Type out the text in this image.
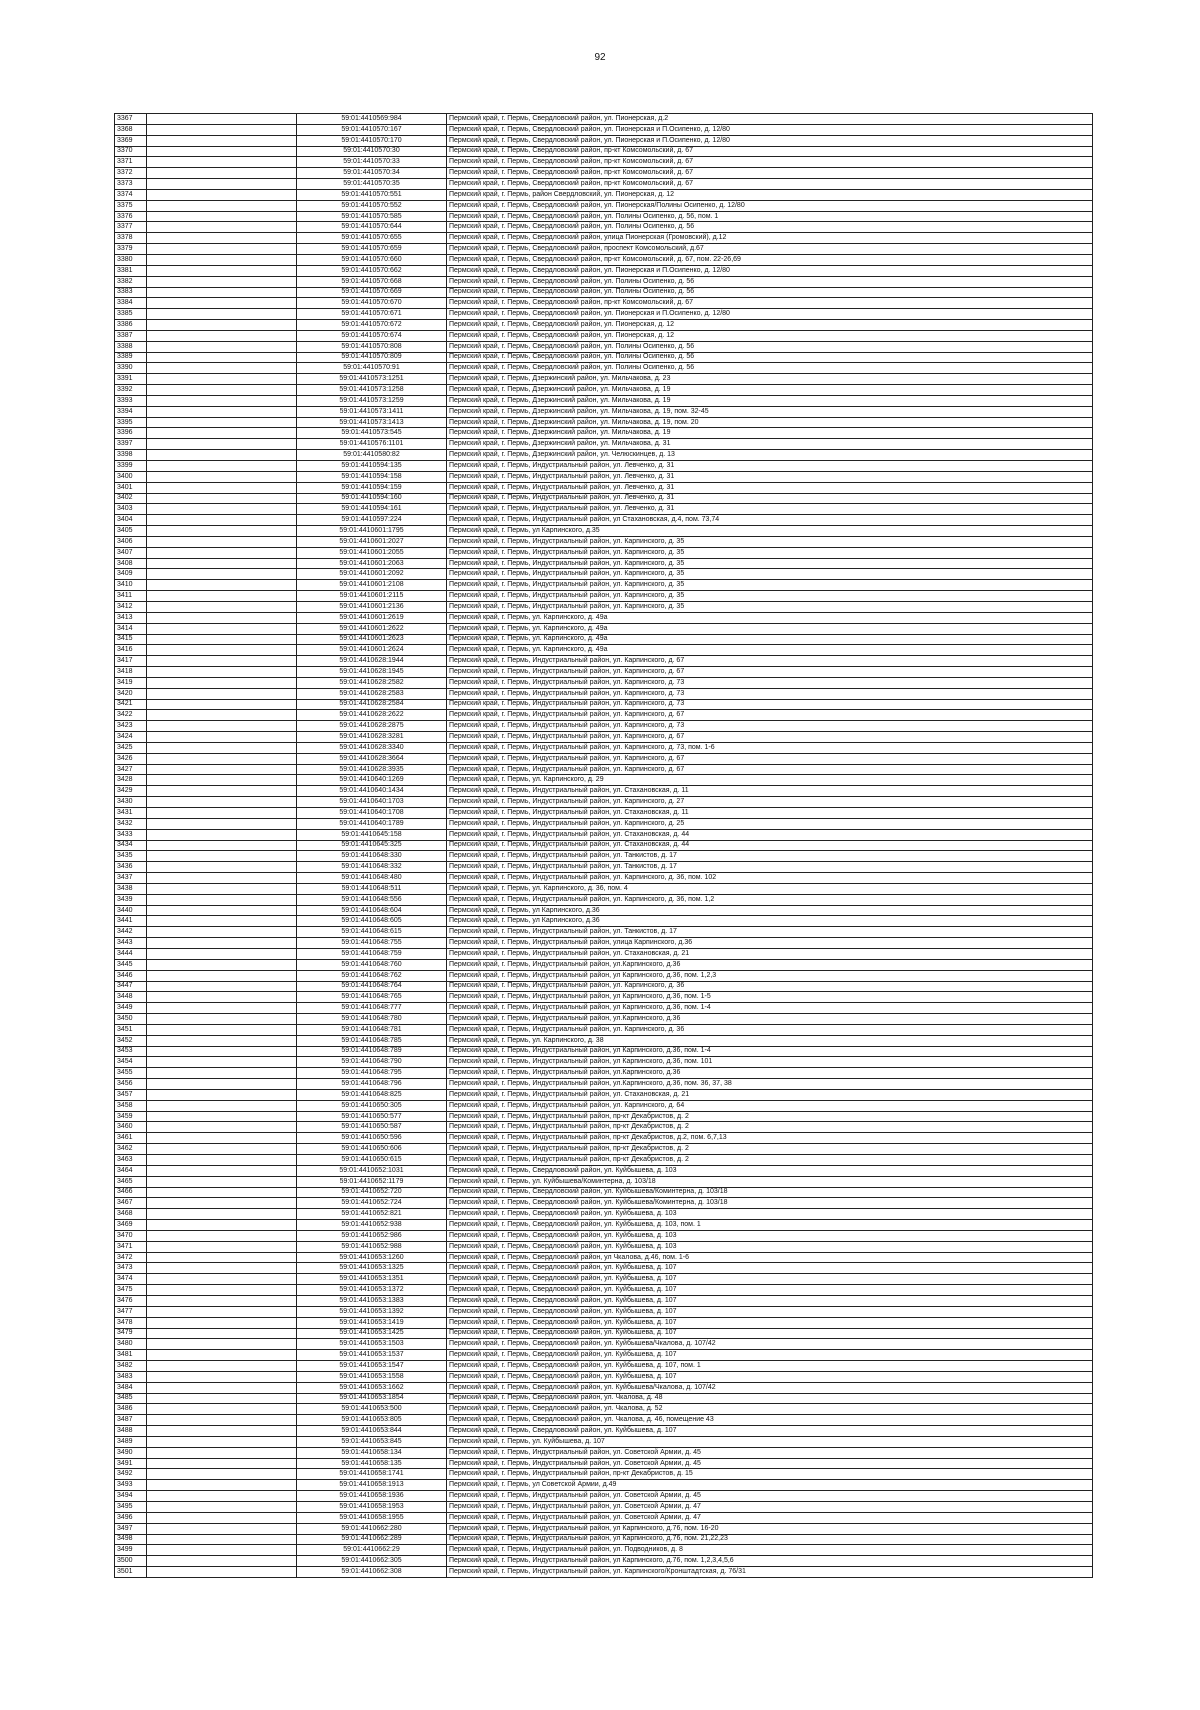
92
3367		59:01:4410569:984	Пермский край, г. Пермь, Свердловский район, ул. Пионерская, д.2
3368		59:01:4410570:167	Пермский край, г. Пермь, Свердловский район, ул. Пионерская и П.Осипенко, д. 12/80
3369		59:01:4410570:170	Пермский край, г. Пермь, Свердловский район, ул. Пионерская и П.Осипенко, д. 12/80
3370		59:01:4410570:30	Пермский край, г. Пермь, Свердловский район, пр-кт Комсомольский, д. 67
3371		59:01:4410570:33	Пермский край, г. Пермь, Свердловский район, пр-кт Комсомольский, д. 67
3372		59:01:4410570:34	Пермский край, г. Пермь, Свердловский район, пр-кт Комсомольский, д. 67
3373		59:01:4410570:35	Пермский край, г. Пермь, Свердловский район, пр-кт Комсомольский, д. 67
3374		59:01:4410570:551	Пермский край, г. Пермь, район Свердловский, ул. Пионерская, д. 12
3375		59:01:4410570:552	Пермский край, г. Пермь, Свердловский район, ул. Пионерская/Полины Осипенко, д. 12/80
3376		59:01:4410570:585	Пермский край, г. Пермь, Свердловский район, ул. Полины Осипенко, д. 56, пом. 1
3377		59:01:4410570:644	Пермский край, г. Пермь, Свердловский район, ул. Полины Осипенко, д. 56
3378		59:01:4410570:655	Пермский край, г. Пермь, Свердловский район, улица Пионерская (Громовский), д.12
3379		59:01:4410570:659	Пермский край, г. Пермь, Свердловский район, проспект Комсомольский, д.67
3380		59:01:4410570:660	Пермский край, г. Пермь, Свердловский район, пр-кт Комсомольский, д. 67, пом. 22-26,69
3381		59:01:4410570:662	Пермский край, г. Пермь, Свердловский район, ул. Пионерская и П.Осипенко, д. 12/80
3382		59:01:4410570:668	Пермский край, г. Пермь, Свердловский район, ул. Полины Осипенко, д. 56
3383		59:01:4410570:669	Пермский край, г. Пермь, Свердловский район, ул. Полины Осипенко, д. 56
3384		59:01:4410570:670	Пермский край, г. Пермь, Свердловский район, пр-кт Комсомольский, д. 67
3385		59:01:4410570:671	Пермский край, г. Пермь, Свердловский район, ул. Пионерская и П.Осипенко, д. 12/80
3386		59:01:4410570:672	Пермский край, г. Пермь, Свердловский район, ул. Пионерская, д. 12
3387		59:01:4410570:674	Пермский край, г. Пермь, Свердловский район, ул. Пионерская, д. 12
3388		59:01:4410570:808	Пермский край, г. Пермь, Свердловский район, ул. Полины Осипенко, д. 56
3389		59:01:4410570:809	Пермский край, г. Пермь, Свердловский район, ул. Полины Осипенко, д. 56
3390		59:01:4410570:91	Пермский край, г. Пермь, Свердловский район, ул. Полины Осипенко, д. 56
3391		59:01:4410573:1251	Пермский край, г. Пермь, Дзержинский район, ул. Мильчакова, д. 23
3392		59:01:4410573:1258	Пермский край, г. Пермь, Дзержинский район, ул. Мильчакова, д. 19
3393		59:01:4410573:1259	Пермский край, г. Пермь, Дзержинский район, ул. Мильчакова, д. 19
3394		59:01:4410573:1411	Пермский край, г. Пермь, Дзержинский район, ул. Мильчакова, д. 19, пом. 32-45
3395		59:01:4410573:1413	Пермский край, г. Пермь, Дзержинский район, ул. Мильчакова, д. 19, пом. 20
3396		59:01:4410573:545	Пермский край, г. Пермь, Дзержинский район, ул. Мильчакова, д. 19
3397		59:01:4410576:1101	Пермский край, г. Пермь, Дзержинский район, ул. Мильчакова, д. 31
3398		59:01:4410580:82	Пермский край, г. Пермь, Дзержинский район, ул. Челюскинцев, д. 13
3399		59:01:4410594:135	Пермский край, г. Пермь, Индустриальный район, ул. Левченко, д. 31
3400		59:01:4410594:158	Пермский край, г. Пермь, Индустриальный район, ул. Левченко, д. 31
3401		59:01:4410594:159	Пермский край, г. Пермь, Индустриальный район, ул. Левченко, д. 31
3402		59:01:4410594:160	Пермский край, г. Пермь, Индустриальный район, ул. Левченко, д. 31
3403		59:01:4410594:161	Пермский край, г. Пермь, Индустриальный район, ул. Левченко, д. 31
3404		59:01:4410597:224	Пермский край, г. Пермь, Индустриальный район, ул Стахановская, д.4, пом. 73,74
3405		59:01:4410601:1795	Пермский край, г. Пермь, ул Карпинского, д.35
3406		59:01:4410601:2027	Пермский край, г. Пермь, Индустриальный район, ул. Карпинского, д. 35
3407		59:01:4410601:2055	Пермский край, г. Пермь, Индустриальный район, ул. Карпинского, д. 35
3408		59:01:4410601:2063	Пермский край, г. Пермь, Индустриальный район, ул. Карпинского, д. 35
3409		59:01:4410601:2092	Пермский край, г. Пермь, Индустриальный район, ул. Карпинского, д. 35
3410		59:01:4410601:2108	Пермский край, г. Пермь, Индустриальный район, ул. Карпинского, д. 35
3411		59:01:4410601:2115	Пермский край, г. Пермь, Индустриальный район, ул. Карпинского, д. 35
3412		59:01:4410601:2136	Пермский край, г. Пермь, Индустриальный район, ул. Карпинского, д. 35
3413		59:01:4410601:2619	Пермский край, г. Пермь, ул. Карпинского, д. 49а
3414		59:01:4410601:2622	Пермский край, г. Пермь, ул. Карпинского, д. 49а
3415		59:01:4410601:2623	Пермский край, г. Пермь, ул. Карпинского, д. 49а
3416		59:01:4410601:2624	Пермский край, г. Пермь, ул. Карпинского, д. 49а
3417		59:01:4410628:1944	Пермский край, г. Пермь, Индустриальный район, ул. Карпинского, д. 67
3418		59:01:4410628:1945	Пермский край, г. Пермь, Индустриальный район, ул. Карпинского, д. 67
3419		59:01:4410628:2582	Пермский край, г. Пермь, Индустриальный район, ул. Карпинского, д. 73
3420		59:01:4410628:2583	Пермский край, г. Пермь, Индустриальный район, ул. Карпинского, д. 73
3421		59:01:4410628:2584	Пермский край, г. Пермь, Индустриальный район, ул. Карпинского, д. 73
3422		59:01:4410628:2622	Пермский край, г. Пермь, Индустриальный район, ул. Карпинского, д. 67
3423		59:01:4410628:2875	Пермский край, г. Пермь, Индустриальный район, ул. Карпинского, д. 73
3424		59:01:4410628:3281	Пермский край, г. Пермь, Индустриальный район, ул. Карпинского, д. 67
3425		59:01:4410628:3340	Пермский край, г. Пермь, Индустриальный район, ул. Карпинского, д. 73, пом. 1-6
3426		59:01:4410628:3664	Пермский край, г. Пермь, Индустриальный район, ул. Карпинского, д. 67
3427		59:01:4410628:3935	Пермский край, г. Пермь, Индустриальный район, ул. Карпинского, д. 67
3428		59:01:4410640:1269	Пермский край, г. Пермь, ул. Карпинского, д. 29
3429		59:01:4410640:1434	Пермский край, г. Пермь, Индустриальный район, ул. Стахановская, д. 11
3430		59:01:4410640:1703	Пермский край, г. Пермь, Индустриальный район, ул. Карпинского, д. 27
3431		59:01:4410640:1708	Пермский край, г. Пермь, Индустриальный район, ул. Стахановская, д. 11
3432		59:01:4410640:1789	Пермский край, г. Пермь, Индустриальный район, ул. Карпинского, д. 25
3433		59:01:4410645:158	Пермский край, г. Пермь, Индустриальный район, ул. Стахановская, д. 44
3434		59:01:4410645:325	Пермский край, г. Пермь, Индустриальный район, ул. Стахановская, д. 44
3435		59:01:4410648:330	Пермский край, г. Пермь, Индустриальный район, ул. Танкистов, д. 17
3436		59:01:4410648:332	Пермский край, г. Пермь, Индустриальный район, ул. Танкистов, д. 17
3437		59:01:4410648:480	Пермский край, г. Пермь, Индустриальный район, ул. Карпинского, д. 36, пом. 102
3438		59:01:4410648:511	Пермский край, г. Пермь, ул. Карпинского, д. 36, пом. 4
3439		59:01:4410648:556	Пермский край, г. Пермь, Индустриальный район, ул. Карпинского, д. 36, пом. 1,2
3440		59:01:4410648:604	Пермский край, г. Пермь, ул Карпинского, д.36
3441		59:01:4410648:605	Пермский край, г. Пермь, ул Карпинского, д.36
3442		59:01:4410648:615	Пермский край, г. Пермь, Индустриальный район, ул. Танкистов, д. 17
3443		59:01:4410648:755	Пермский край, г. Пермь, Индустриальный район, улица Карпинского, д.36
3444		59:01:4410648:759	Пермский край, г. Пермь, Индустриальный район, ул. Стахановская, д. 21
3445		59:01:4410648:760	Пермский край, г. Пермь, Индустриальный район, ул.Карпинского, д.36
3446		59:01:4410648:762	Пермский край, г. Пермь, Индустриальный район, ул Карпинского, д.36, пом. 1,2,3
3447		59:01:4410648:764	Пермский край, г. Пермь, Индустриальный район, ул. Карпинского, д. 36
3448		59:01:4410648:765	Пермский край, г. Пермь, Индустриальный район, ул Карпинского, д.36, пом. 1-5
3449		59:01:4410648:777	Пермский край, г. Пермь, Индустриальный район, ул Карпинского, д.36, пом. 1-4
3450		59:01:4410648:780	Пермский край, г. Пермь, Индустриальный район, ул.Карпинского, д.36
3451		59:01:4410648:781	Пермский край, г. Пермь, Индустриальный район, ул. Карпинского, д. 36
3452		59:01:4410648:785	Пермский край, г. Пермь, ул. Карпинского, д. 38
3453		59:01:4410648:789	Пермский край, г. Пермь, Индустриальный район, ул Карпинского, д.36, пом. 1-4
3454		59:01:4410648:790	Пермский край, г. Пермь, Индустриальный район, ул Карпинского, д.36, пом. 101
3455		59:01:4410648:795	Пермский край, г. Пермь, Индустриальный район, ул.Карпинского, д.36
3456		59:01:4410648:796	Пермский край, г. Пермь, Индустриальный район, ул.Карпинского, д.36, пом. 36, 37, 38
3457		59:01:4410648:825	Пермский край, г. Пермь, Индустриальный район, ул. Стахановская, д. 21
3458		59:01:4410650:305	Пермский край, г. Пермь, Индустриальный район, ул. Карпинского, д. 64
3459		59:01:4410650:577	Пермский край, г. Пермь, Индустриальный район, пр-кт Декабристов, д. 2
3460		59:01:4410650:587	Пермский край, г. Пермь, Индустриальный район, пр-кт Декабристов, д. 2
3461		59:01:4410650:596	Пермский край, г. Пермь, Индустриальный район, пр-кт Декабристов, д.2, пом. 6,7,13
3462		59:01:4410650:606	Пермский край, г. Пермь, Индустриальный район, пр-кт Декабристов, д. 2
3463		59:01:4410650:615	Пермский край, г. Пермь, Индустриальный район, пр-кт Декабристов, д. 2
3464		59:01:4410652:1031	Пермский край, г. Пермь, Свердловский район, ул. Куйбышева, д. 103
3465		59:01:4410652:1179	Пермский край, г. Пермь, ул. Куйбышева/Коминтерна, д. 103/18
3466		59:01:4410652:720	Пермский край, г. Пермь, Свердловский район, ул. Куйбышева/Коминтерна, д. 103/18
3467		59:01:4410652:724	Пермский край, г. Пермь, Свердловский район, ул. Куйбышева/Коминтерна, д. 103/18
3468		59:01:4410652:821	Пермский край, г. Пермь, Свердловский район, ул. Куйбышева, д. 103
3469		59:01:4410652:938	Пермский край, г. Пермь, Свердловский район, ул. Куйбышева, д. 103, пом. 1
3470		59:01:4410652:986	Пермский край, г. Пермь, Свердловский район, ул. Куйбышева, д. 103
3471		59:01:4410652:988	Пермский край, г. Пермь, Свердловский район, ул. Куйбышева, д. 103
3472		59:01:4410653:1260	Пермский край, г. Пермь, Свердловский район, ул Чкалова, д.46, пом. 1-6
3473		59:01:4410653:1325	Пермский край, г. Пермь, Свердловский район, ул. Куйбышева, д. 107
3474		59:01:4410653:1351	Пермский край, г. Пермь, Свердловский район, ул. Куйбышева, д. 107
3475		59:01:4410653:1372	Пермский край, г. Пермь, Свердловский район, ул. Куйбышева, д. 107
3476		59:01:4410653:1383	Пермский край, г. Пермь, Свердловский район, ул. Куйбышева, д. 107
3477		59:01:4410653:1392	Пермский край, г. Пермь, Свердловский район, ул. Куйбышева, д. 107
3478		59:01:4410653:1419	Пермский край, г. Пермь, Свердловский район, ул. Куйбышева, д. 107
3479		59:01:4410653:1425	Пермский край, г. Пермь, Свердловский район, ул. Куйбышева, д. 107
3480		59:01:4410653:1503	Пермский край, г. Пермь, Свердловский район, ул. Куйбышева/Чкалова, д. 107/42
3481		59:01:4410653:1537	Пермский край, г. Пермь, Свердловский район, ул. Куйбышева, д. 107
3482		59:01:4410653:1547	Пермский край, г. Пермь, Свердловский район, ул. Куйбышева, д. 107, пом. 1
3483		59:01:4410653:1558	Пермский край, г. Пермь, Свердловский район, ул. Куйбышева, д. 107
3484		59:01:4410653:1662	Пермский край, г. Пермь, Свердловский район, ул. Куйбышева/Чкалова, д. 107/42
3485		59:01:4410653:1854	Пермский край, г. Пермь, Свердловский район, ул. Чкалова, д. 48
3486		59:01:4410653:500	Пермский край, г. Пермь, Свердловский район, ул. Чкалова, д. 52
3487		59:01:4410653:805	Пермский край, г. Пермь, Свердловский район, ул. Чкалова, д. 46, помещение 43
3488		59:01:4410653:844	Пермский край, г. Пермь, Свердловский район, ул. Куйбышева, д. 107
3489		59:01:4410653:845	Пермский край, г. Пермь, ул. Куйбышева, д. 107
3490		59:01:4410658:134	Пермский край, г. Пермь, Индустриальный район, ул. Советской Армии, д. 45
3491		59:01:4410658:135	Пермский край, г. Пермь, Индустриальный район, ул. Советской Армии, д. 45
3492		59:01:4410658:1741	Пермский край, г. Пермь, Индустриальный район, пр-кт Декабристов, д. 15
3493		59:01:4410658:1913	Пермский край, г. Пермь, ул Советской Армии, д.49
3494		59:01:4410658:1936	Пермский край, г. Пермь, Индустриальный район, ул. Советской Армии, д. 45
3495		59:01:4410658:1953	Пермский край, г. Пермь, Индустриальный район, ул. Советской Армии, д. 47
3496		59:01:4410658:1955	Пермский край, г. Пермь, Индустриальный район, ул. Советской Армии, д. 47
3497		59:01:4410662:280	Пермский край, г. Пермь, Индустриальный район, ул Карпинского, д.76, пом. 16-20
3498		59:01:4410662:289	Пермский край, г. Пермь, Индустриальный район, ул Карпинского, д.76, пом. 21,22,23
3499		59:01:4410662:29	Пермский край, г. Пермь, Индустриальный район, ул. Подводников, д. 8
3500		59:01:4410662:305	Пермский край, г. Пермь, Индустриальный район, ул Карпинского, д.76, пом. 1,2,3,4,5,6
3501		59:01:4410662:308	Пермский край, г. Пермь, Индустриальный район, ул. Карпинского/Кронштадтская, д. 76/31
